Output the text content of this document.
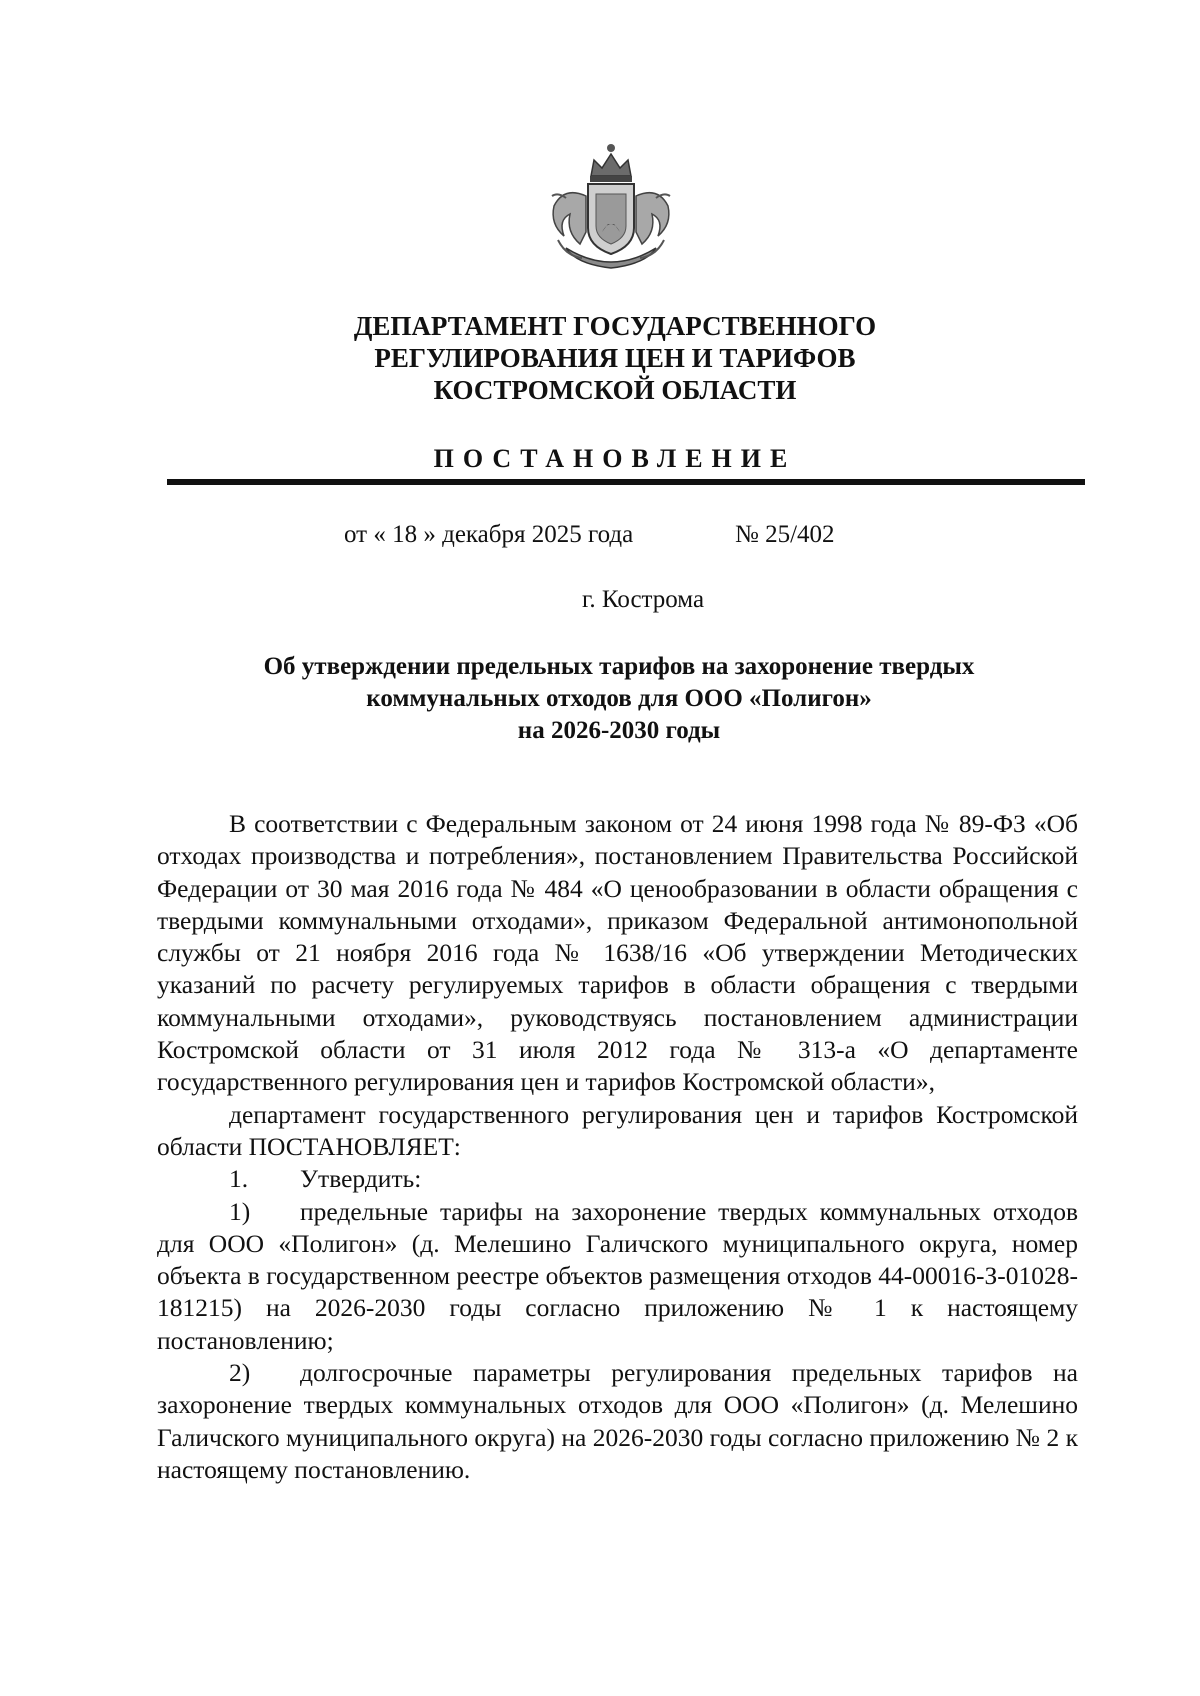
ДЕПАРТАМЕНТ ГОСУДАРСТВЕННОГО
РЕГУЛИРОВАНИЯ ЦЕН И ТАРИФОВ
КОСТРОМСКОЙ ОБЛАСТИ
ПОСТАНОВЛЕНИЕ
от « 18 » декабря 2025 года	№ 25/402
г. Кострома
Об утверждении предельных тарифов на захоронение твердых
коммунальных отходов для ООО «Полигон»
на 2026-2030 годы

В соответствии с Федеральным законом от 24 июня 1998 года № 89-ФЗ «Об отходах производства и потребления», постановлением Правительства Российской Федерации от 30 мая 2016 года № 484 «О ценообразовании в области обращения с твердыми коммунальными отходами», приказом Федеральной антимонопольной службы от 21 ноября 2016 года № 1638/16 «Об утверждении Методических указаний по расчету регулируемых тарифов в области обращения с твердыми коммунальными отходами», руководствуясь постановлением администрации Костромской области от 31 июля 2012 года № 313-а «О департаменте государственного регулирования цен и тарифов Костромской области»,

департамент государственного регулирования цен и тарифов Костромской области ПОСТАНОВЛЯЕТ:

1. Утвердить:

1) предельные тарифы на захоронение твердых коммунальных отходов для ООО «Полигон» (д. Мелешино Галичского муниципального округа, номер объекта в государственном реестре объектов размещения отходов 44-00016-З-01028-181215) на 2026-2030 годы согласно приложению № 1 к настоящему постановлению;

2) долгосрочные параметры регулирования предельных тарифов на захоронение твердых коммунальных отходов для ООО «Полигон» (д. Мелешино Галичского муниципального округа) на 2026-2030 годы согласно приложению № 2 к настоящему постановлению.
